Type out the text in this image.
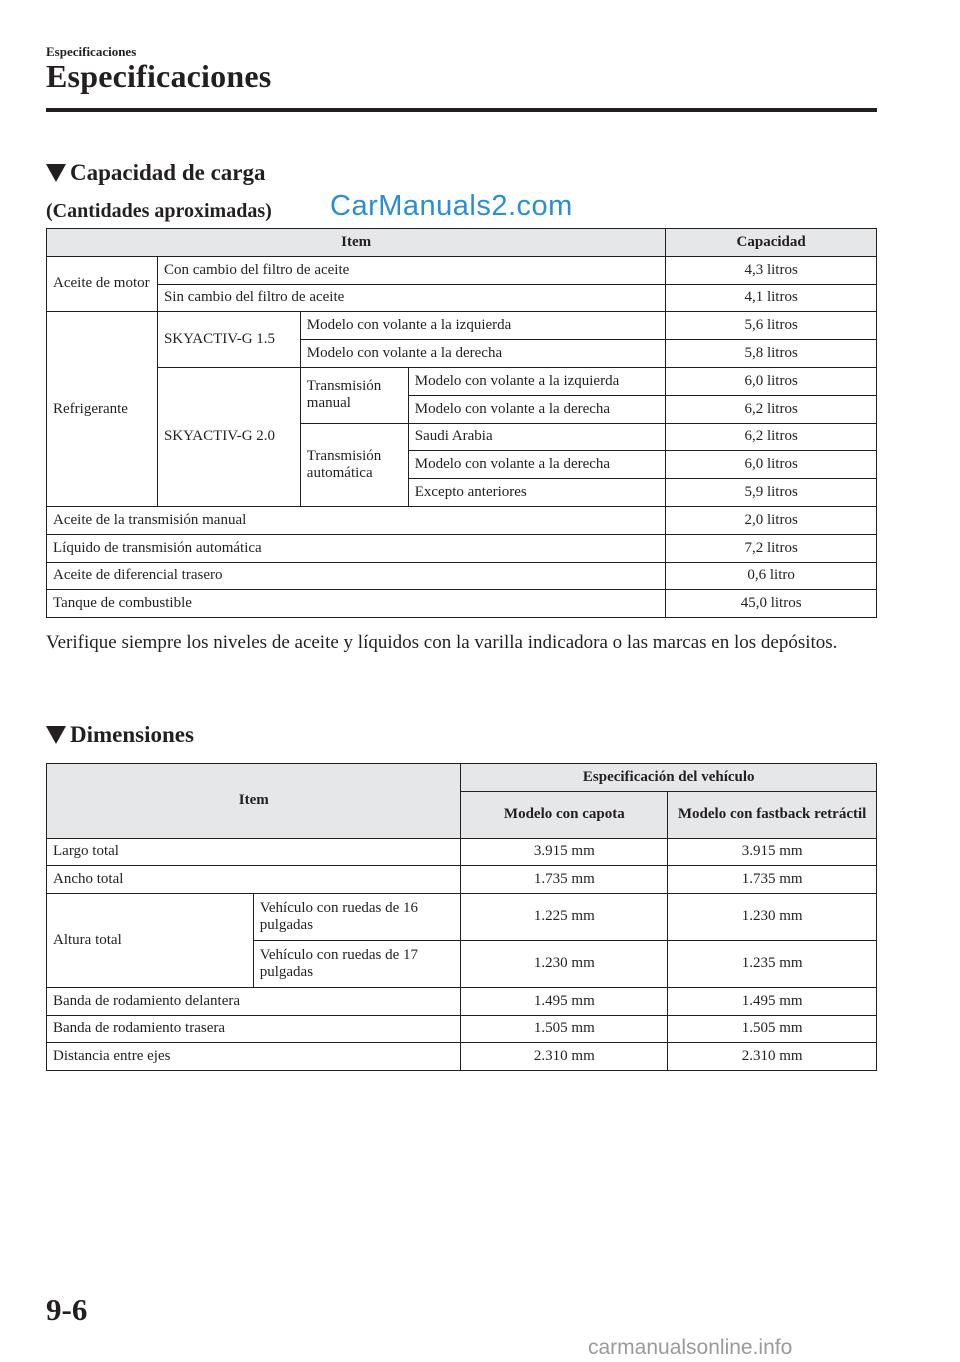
Especificaciones
Especificaciones
Capacidad de carga
(Cantidades aproximadas) CarManuals2.com
Item				Capacidad
Aceite de motor	Con cambio del filtro de aceite			4,3 litros
	Sin cambio del filtro de aceite			4,1 litros
Refrigerante	SKYACTIV-G 1.5	Modelo con volante a la izquierda		5,6 litros
		Modelo con volante a la derecha		5,8 litros
	SKYACTIV-G 2.0	Transmisión manual	Modelo con volante a la izquierda	6,0 litros
			Modelo con volante a la derecha	6,2 litros
		Transmisión automática	Saudi Arabia	6,2 litros
			Modelo con volante a la derecha	6,0 litros
			Excepto anteriores	5,9 litros
Aceite de la transmisión manual				2,0 litros
Líquido de transmisión automática				7,2 litros
Aceite de diferencial trasero				0,6 litro
Tanque de combustible				45,0 litros
Verifique siempre los niveles de aceite y líquidos con la varilla indicadora o las marcas en los depósitos.
Dimensiones
Item		Especificación del vehículo	
		Modelo con capota	Modelo con fastback retráctil
Largo total		3.915 mm	3.915 mm
Ancho total		1.735 mm	1.735 mm
Altura total	Vehículo con ruedas de 16 pulgadas	1.225 mm	1.230 mm
	Vehículo con ruedas de 17 pulgadas	1.230 mm	1.235 mm
Banda de rodamiento delantera		1.495 mm	1.495 mm
Banda de rodamiento trasera		1.505 mm	1.505 mm
Distancia entre ejes		2.310 mm	2.310 mm
9-6
carmanualsonline.info
